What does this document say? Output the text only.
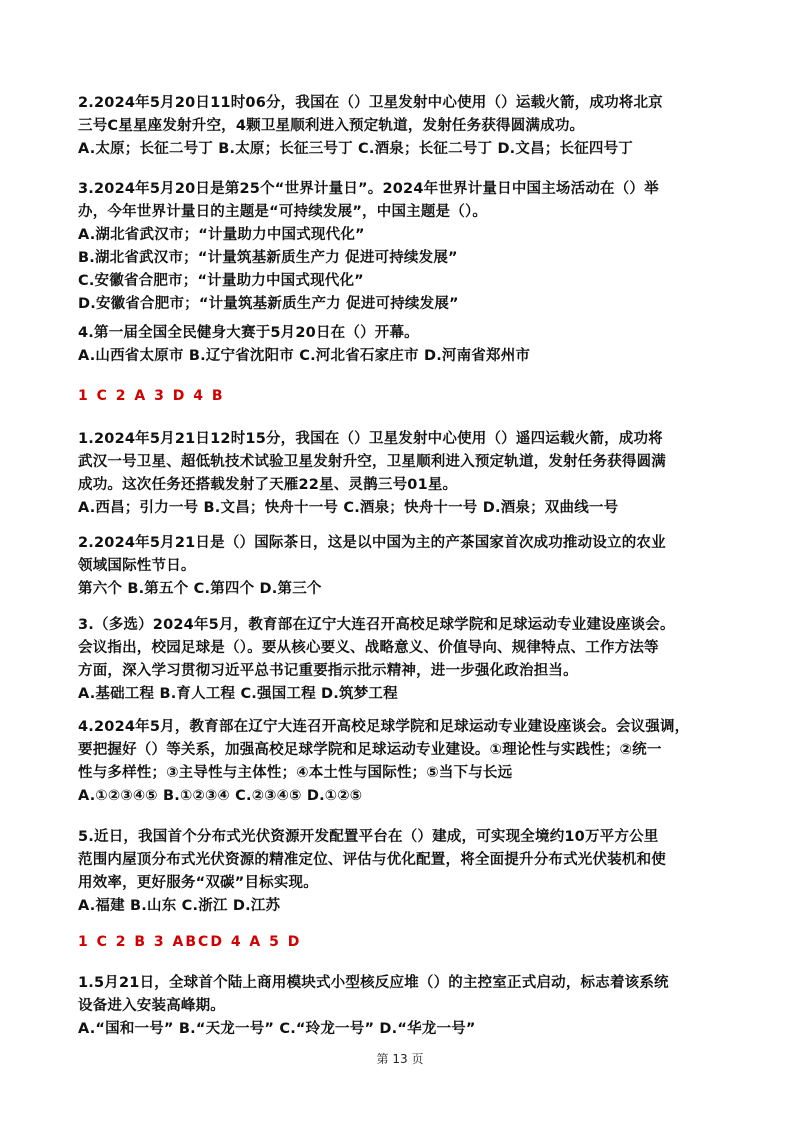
2.2024年5月20日11时06分，我国在（）卫星发射中心使用（）运载火箭，成功将北京
三号C星星座发射升空，4颗卫星顺利进入预定轨道，发射任务获得圆满成功。
A.太原；长征二号丁 B.太原；长征三号丁 C.酒泉；长征二号丁 D.文昌；长征四号丁
3.2024年5月20日是第25个“世界计量日”。2024年世界计量日中国主场活动在（）举
办，今年世界计量日的主题是“可持续发展”，中国主题是（）。
A.湖北省武汉市；“计量助力中国式现代化”
B.湖北省武汉市；“计量筑基新质生产力 促进可持续发展”
C.安徽省合肥市；“计量助力中国式现代化”
D.安徽省合肥市；“计量筑基新质生产力 促进可持续发展”
4.第一届全国全民健身大赛于5月20日在（）开幕。
A.山西省太原市 B.辽宁省沈阳市 C.河北省石家庄市 D.河南省郑州市
1 C 2 A 3 D 4 B
1.2024年5月21日12时15分，我国在（）卫星发射中心使用（）遥四运载火箭，成功将
武汉一号卫星、超低轨技术试验卫星发射升空，卫星顺利进入预定轨道，发射任务获得圆满
成功。这次任务还搭载发射了天雁22星、灵鹊三号01星。
A.西昌；引力一号 B.文昌；快舟十一号 C.酒泉；快舟十一号 D.酒泉；双曲线一号
2.2024年5月21日是（）国际茶日，这是以中国为主的产茶国家首次成功推动设立的农业
领域国际性节日。
第六个 B.第五个 C.第四个 D.第三个
3.（多选）2024年5月，教育部在辽宁大连召开高校足球学院和足球运动专业建设座谈会。
会议指出，校园足球是（）。要从核心要义、战略意义、价值导向、规律特点、工作方法等
方面，深入学习贯彻习近平总书记重要指示批示精神，进一步强化政治担当。
A.基础工程 B.育人工程 C.强国工程 D.筑梦工程
4.2024年5月，教育部在辽宁大连召开高校足球学院和足球运动专业建设座谈会。会议强调，
要把握好（）等关系，加强高校足球学院和足球运动专业建设。①理论性与实践性；②统一
性与多样性；③主导性与主体性；④本土性与国际性；⑤当下与长远
A.①②③④⑤ B.①②③④ C.②③④⑤ D.①②⑤
5.近日，我国首个分布式光伏资源开发配置平台在（）建成，可实现全境约10万平方公里
范围内屋顶分布式光伏资源的精准定位、评估与优化配置，将全面提升分布式光伏装机和使
用效率，更好服务“双碳”目标实现。
A.福建 B.山东 C.浙江 D.江苏
1 C 2 B 3 ABCD 4 A 5 D
1.5月21日，全球首个陆上商用模块式小型核反应堆（）的主控室正式启动，标志着该系统
设备进入安装高峰期。
A.“国和一号” B.“天龙一号” C.“玲龙一号” D.“华龙一号”
第 13 页
